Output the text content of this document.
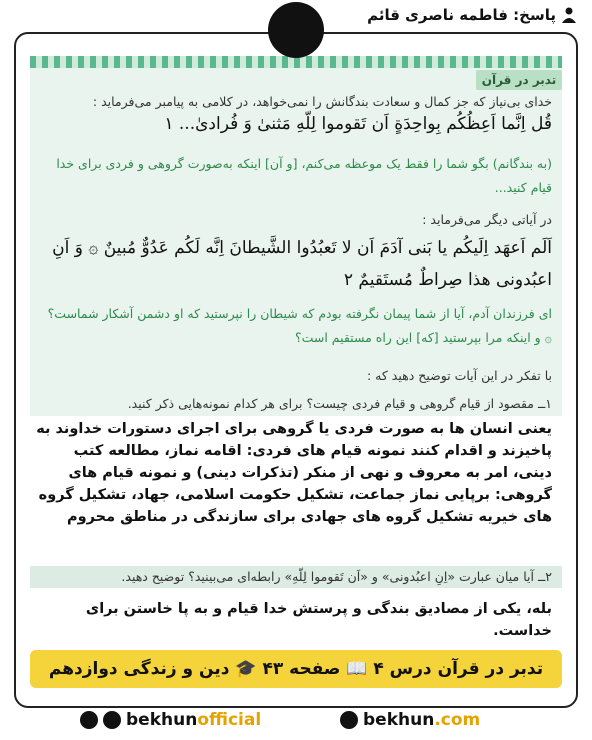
پاسخ: فاطمه ناصری قائم
تدبر در قرآن
خدای بی‌نیاز که جز کمال و سعادت بندگانش را نمی‌خواهد، در کلامی به پیامبر می‌فرماید :
قُل اِنَّما اَعِظُکُم بِواحِدَةٍ اَن تَقوموا لِلّهِ مَثنیٰ وَ فُرادیٰ... ۱
(به بندگانم) بگو شما را فقط یک موعظه می‌کنم، [و آن] اینکه به‌صورت گروهی و فردی برای خدا قیام کنید...
در آیاتی دیگر می‌فرماید :
اَلَم اَعهَد اِلَیکُم یا بَنی آدَمَ اَن لا تَعبُدُوا الشَّیطانَ اِنَّه لَکُم عَدُوٌّ مُبینٌ ۞ وَ اَنِ اعبُدونی هذا صِراطٌ مُستَقیمٌ ۲
ای فرزندان آدم، آیا از شما پیمان نگرفته بودم که شیطان را نپرستید که او دشمن آشکار شماست؟ ۞ و اینکه مرا بپرستید [که] این راه مستقیم است؟
با تفکر در این آیات توضیح دهید که :
۱ــ مقصود از قیام گروهی و قیام فردی چیست؟ برای هر کدام نمونه‌هایی ذکر کنید.
یعنی انسان ها به صورت فردی یا گروهی برای اجرای دستورات خداوند به پاخیزند و اقدام کنند نمونه قیام های فردی: اقامه نماز، مطالعه کتب دینی، امر به معروف و نهی از منکر (تذکرات دینی) و نمونه قیام های گروهی: برپایی نماز جماعت، تشکیل حکومت اسلامی، جهاد، تشکیل گروه های خیریه تشکیل گروه های جهادی برای سازندگی در مناطق محروم
۲ــ آیا میان عبارت «اِنِ اعبُدونی» و «اَن تَقوموا لِلّهِ» رابطه‌ای می‌بینید؟ توضیح دهید.
بله، یکی از مصادیق بندگی و پرستش خدا قیام و به پا خاستن برای خداست.
تدبر در قرآن درس ۴ 📖 صفحه ۴۳ 🎓 دین و زندگی دوازدهم
bekhunofficial	bekhun.com
